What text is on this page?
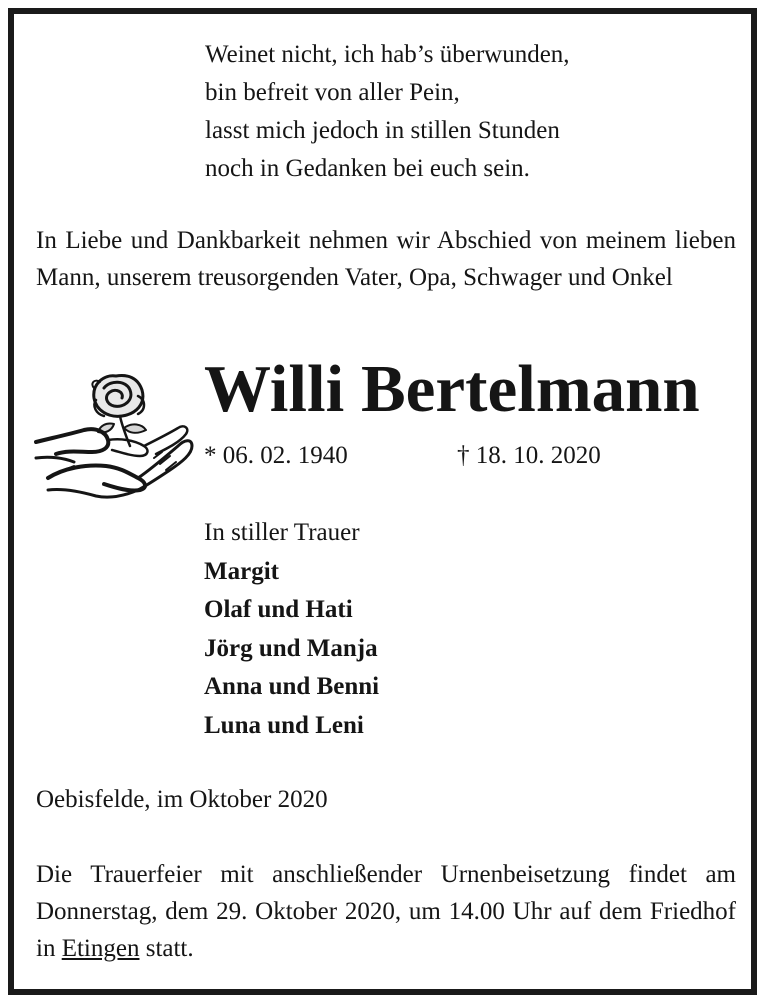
Weinet nicht, ich hab’s überwunden,
bin befreit von aller Pein,
lasst mich jedoch in stillen Stunden
noch in Gedanken bei euch sein.
In Liebe und Dankbarkeit nehmen wir Abschied von meinem lieben Mann, unserem treusorgenden Vater, Opa, Schwager und Onkel
Willi Bertelmann
* 06. 02. 1940	† 18. 10. 2020
In stiller Trauer
Margit
Olaf und Hati
Jörg und Manja
Anna und Benni
Luna und Leni
Oebisfelde, im Oktober 2020
Die Trauerfeier mit anschließender Urnenbeisetzung findet am Donnerstag, dem 29. Oktober 2020, um 14.00 Uhr auf dem Friedhof in Etingen statt.
